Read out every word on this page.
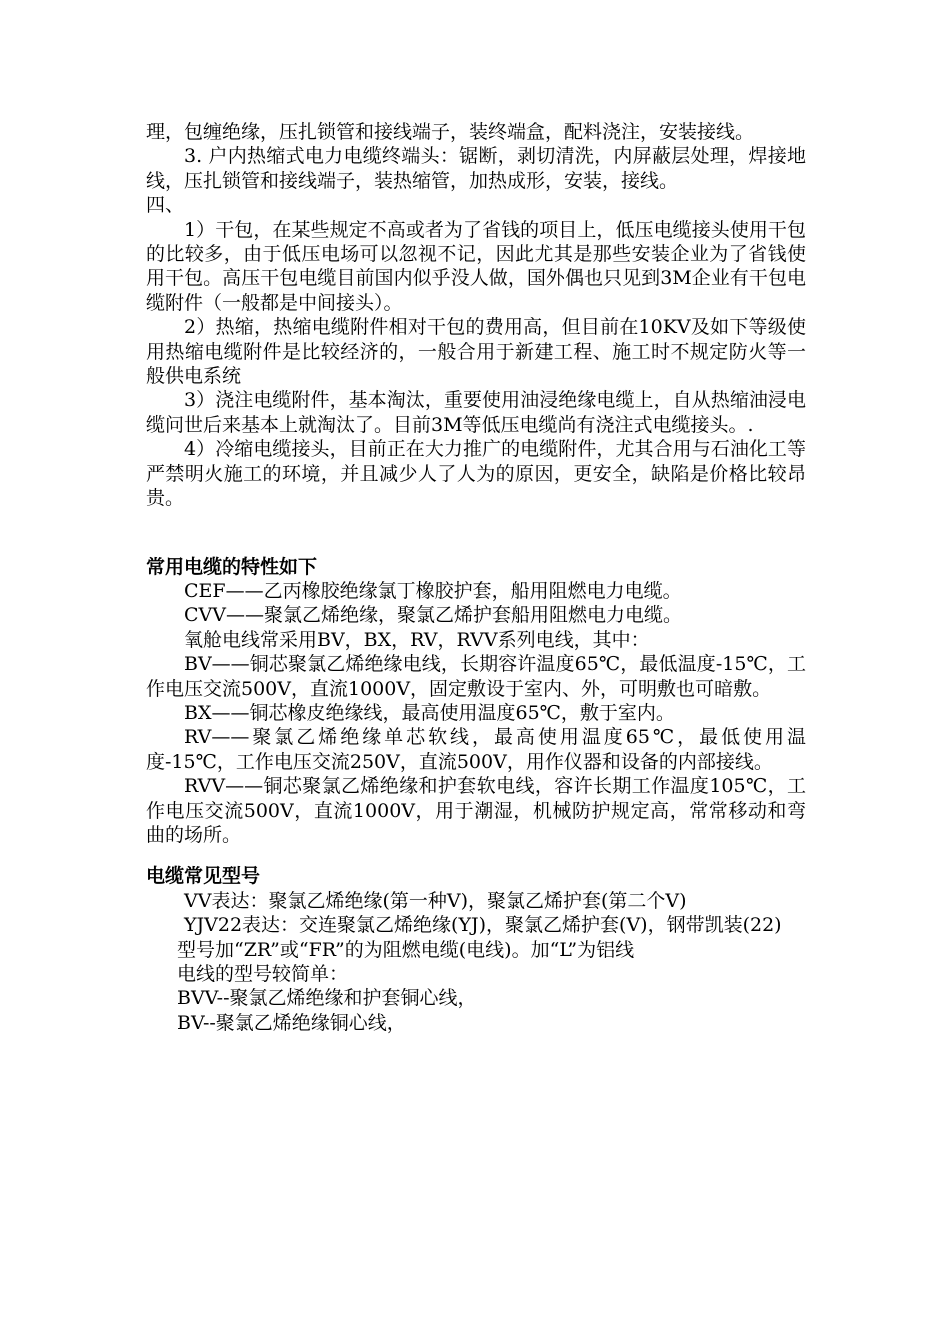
理，包缠绝缘，压扎锁管和接线端子，装终端盒，配料浇注，安装接线。

3. 户内热缩式电力电缆终端头：锯断，剥切清洗，内屏蔽层处理，焊接地线，压扎锁管和接线端子，装热缩管，加热成形，安装，接线。

四、

1）干包，在某些规定不高或者为了省钱的项目上，低压电缆接头使用干包的比较多，由于低压电场可以忽视不记，因此尤其是那些安装企业为了省钱使用干包。高压干包电缆目前国内似乎没人做，国外偶也只见到3M企业有干包电缆附件（一般都是中间接头）。

2）热缩，热缩电缆附件相对干包的费用高，但目前在10KV及如下等级使用热缩电缆附件是比较经济的，一般合用于新建工程、施工时不规定防火等一般供电系统

3）浇注电缆附件，基本淘汰，重要使用油浸绝缘电缆上，自从热缩油浸电缆问世后来基本上就淘汰了。目前3M等低压电缆尚有浇注式电缆接头。.

4）冷缩电缆接头，目前正在大力推广的电缆附件，尤其合用与石油化工等严禁明火施工的环境，并且减少人了人为的原因，更安全，缺陷是价格比较昂贵。

常用电缆的特性如下

CEF——乙丙橡胶绝缘氯丁橡胶护套，船用阻燃电力电缆。

CVV——聚氯乙烯绝缘，聚氯乙烯护套船用阻燃电力电缆。

氧舱电线常采用BV，BX，RV，RVV系列电线，其中：

BV——铜芯聚氯乙烯绝缘电线，长期容许温度65℃，最低温度-15℃，工作电压交流500V，直流1000V，固定敷设于室内、外，可明敷也可暗敷。

BX——铜芯橡皮绝缘线，最高使用温度65℃，敷于室内。

RV——聚氯乙烯绝缘单芯软线，最高使用温度65℃，最低使用温度-15℃，工作电压交流250V，直流500V，用作仪器和设备的内部接线。

RVV——铜芯聚氯乙烯绝缘和护套软电线，容许长期工作温度105℃，工作电压交流500V，直流1000V，用于潮湿，机械防护规定高，常常移动和弯曲的场所。

电缆常见型号

VV表达：聚氯乙烯绝缘(第一种V)，聚氯乙烯护套(第二个V)

YJV22表达：交连聚氯乙烯绝缘(YJ)，聚氯乙烯护套(V)，钢带凯装(22)

型号加“ZR”或“FR”的为阻燃电缆(电线)。加“L”为铝线

电线的型号较简单：

BVV--聚氯乙烯绝缘和护套铜心线，

BV--聚氯乙烯绝缘铜心线，
